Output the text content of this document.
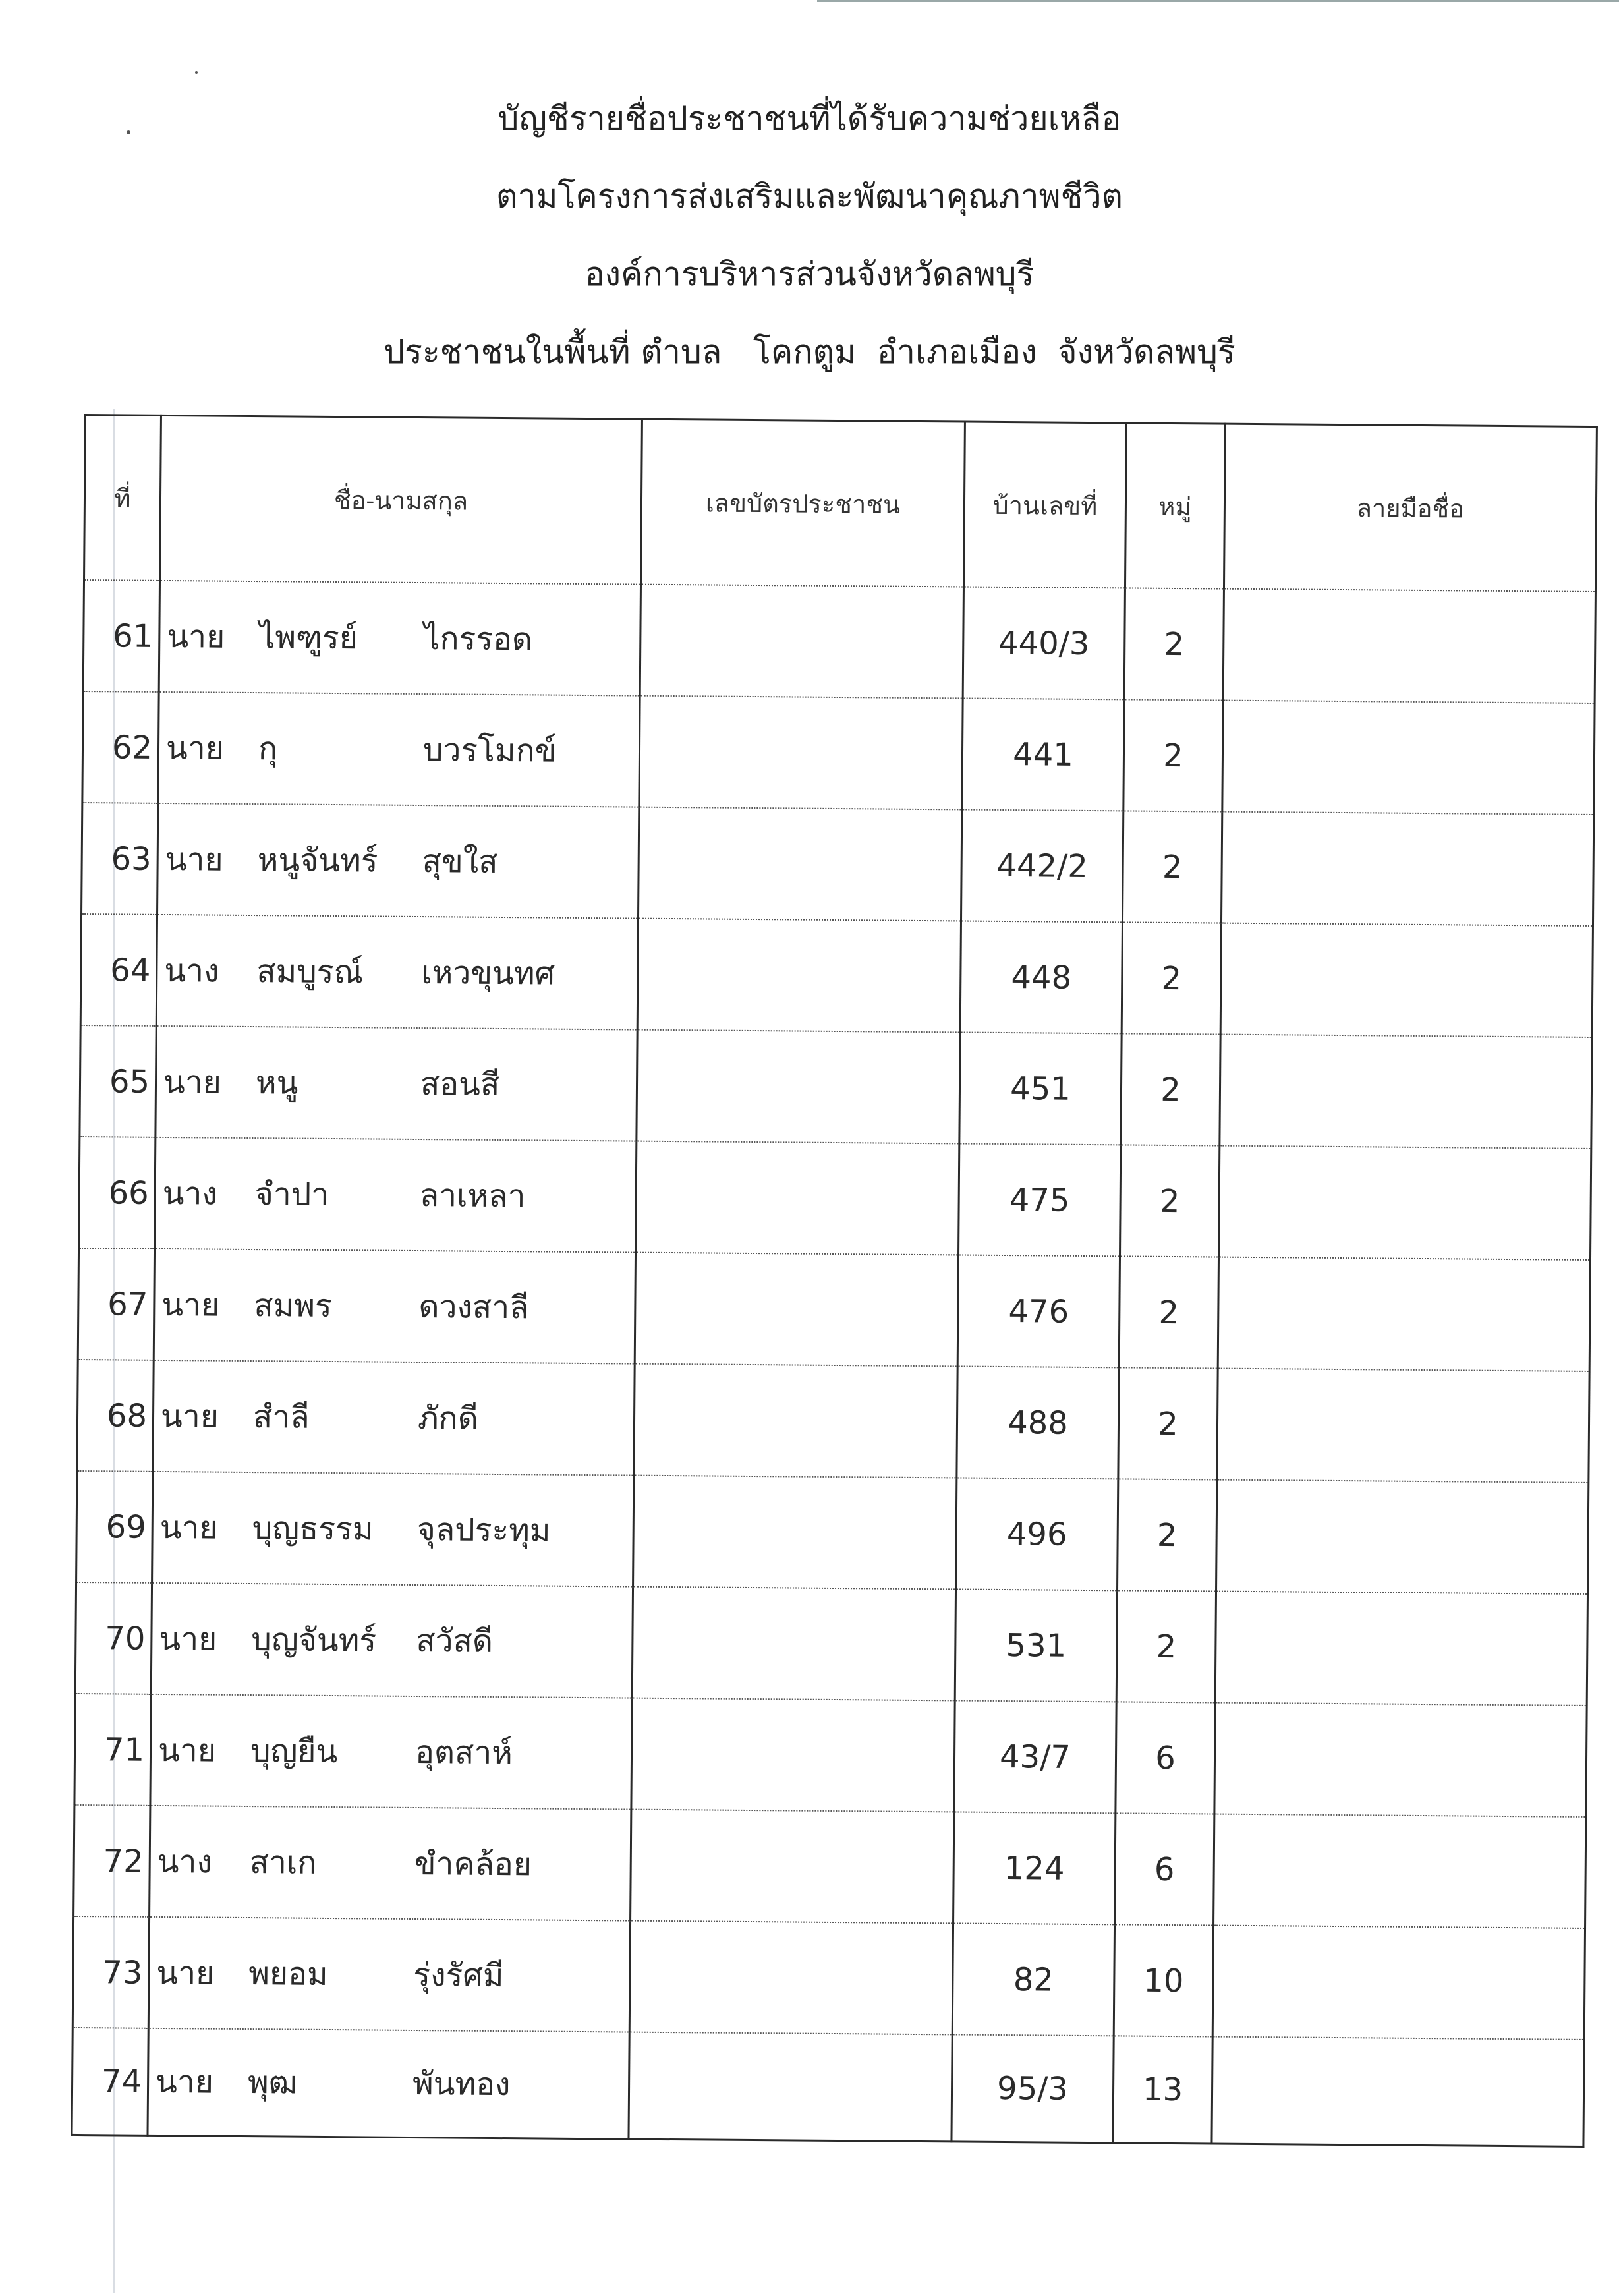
บัญชีรายชื่อประชาชนที่ได้รับความช่วยเหลือ
ตามโครงการส่งเสริมและพัฒนาคุณภาพชีวิต
องค์การบริหารส่วนจังหวัดลพบุรี
ประชาชนในพื้นที่ ตำบล   โคกตูม  อำเภอเมือง  จังหวัดลพบุรี
ที่	ชื่อ-นามสกุล	เลขบัตรประชาชน	บ้านเลขที่	หมู่	ลายมือชื่อ
61	นาย ไพฑูรย์ ไกรรอด		440/3	2	
62	นาย กุ บวรโมกข์		441	2	
63	นาย หนูจันทร์ สุขใส		442/2	2	
64	นาง สมบูรณ์ เหวขุนทศ		448	2	
65	นาย หนู สอนสี		451	2	
66	นาง จำปา ลาเหลา		475	2	
67	นาย สมพร ดวงสาลี		476	2	
68	นาย สำลี ภักดี		488	2	
69	นาย บุญธรรม จุลประทุม		496	2	
70	นาย บุญจันทร์ สวัสดี		531	2	
71	นาย บุญยืน อุตสาห์		43/7	6	
72	นาง สาเก ขำคล้อย		124	6	
73	นาย พยอม รุ่งรัศมี		82	10	
74	นาย พุฒ พันทอง		95/3	13	
